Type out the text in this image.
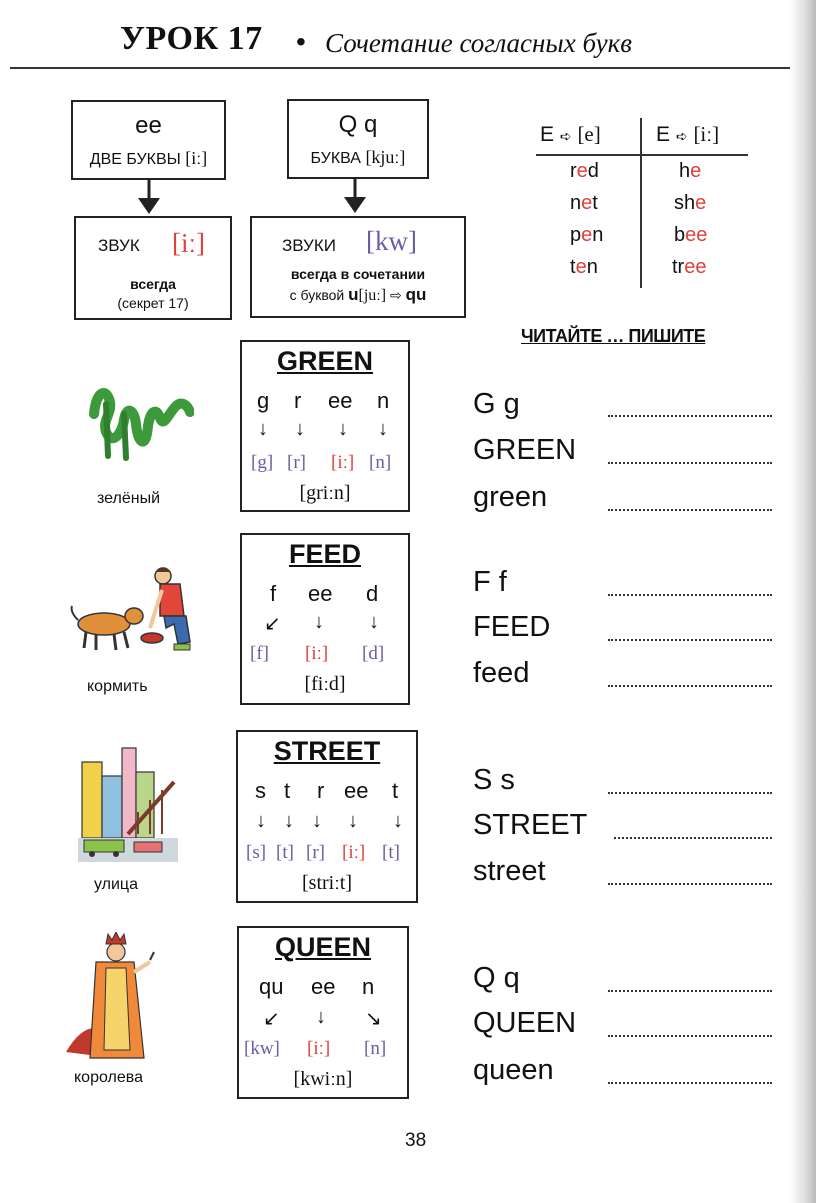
УРОК 17 • Сочетание согласных букв
ee
ДВЕ БУКВЫ [iː]
ЗВУК [iː]
всегда
(секрет 17)
Q q
БУКВА [kjuː]
ЗВУКИ [kw]
всегда в сочетании
с буквой u[juː] ⇨ qu
E ➪ [e]	E ➪ [iː]
red
net
pen
ten
he
she
bee
tree
ЧИТАЙТЕ … ПИШИТЕ
зелёный
GREEN
g r ee n
↓ ↓ ↓ ↓
[g] [r] [iː] [n]
[griːn]
G g
GREEN
green
кормить
FEED
f ee d
↙ ↓ ↓
[f] [iː] [d]
[fiːd]
F f
FEED
feed
улица
STREET
s t r ee t
↓ ↓ ↓ ↓ ↓
[s] [t] [r] [iː] [t]
[striːt]
S s
STREET
street
королева
QUEEN
qu ee n
↙ ↓ ↘
[kw] [iː] [n]
[kwiːn]
Q q
QUEEN
queen
38
